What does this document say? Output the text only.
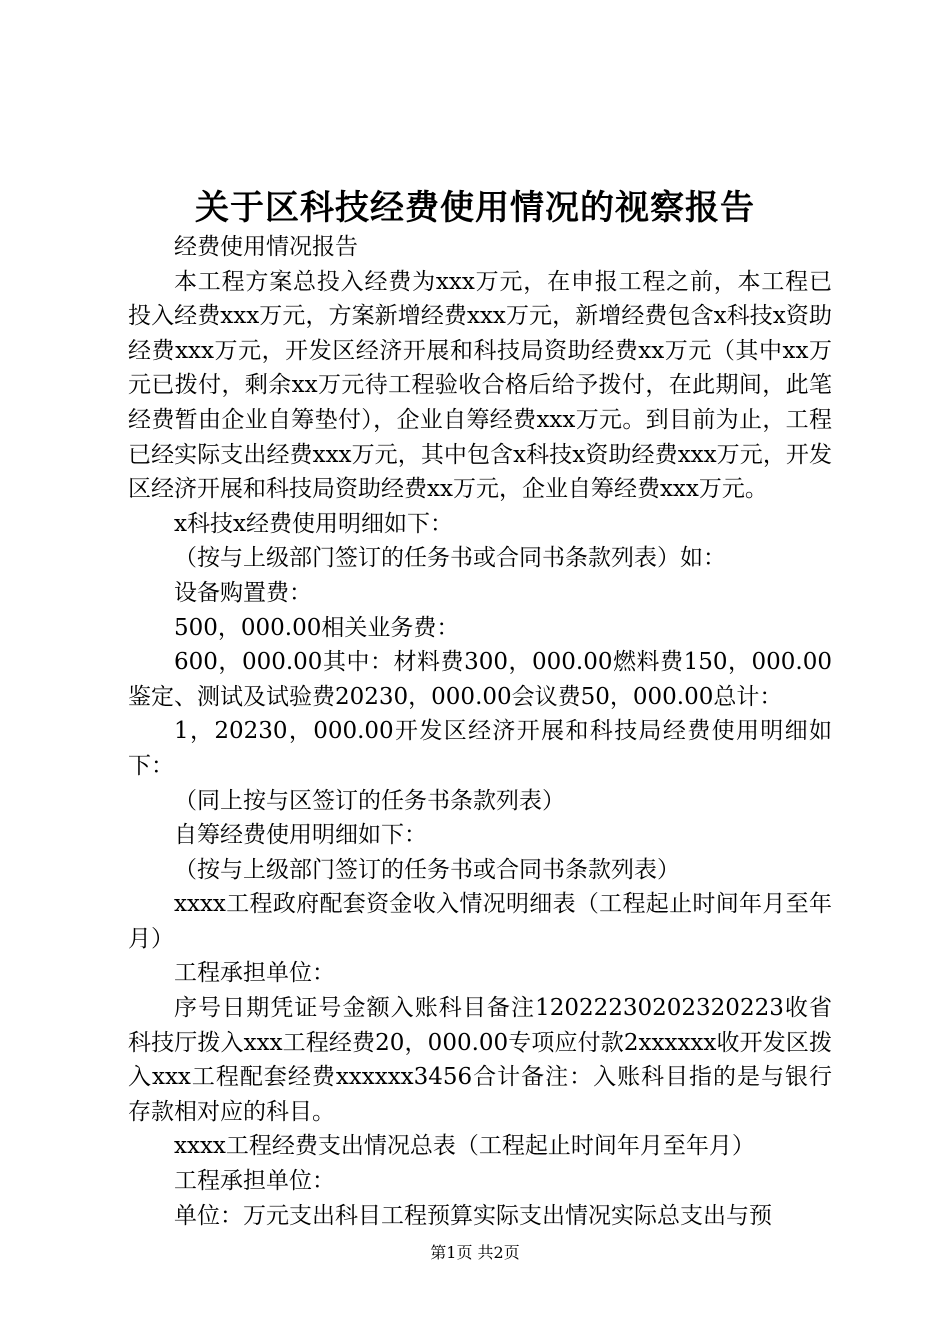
关于区科技经费使用情况的视察报告

经费使用情况报告

本工程方案总投入经费为xxx万元，在申报工程之前，本工程已投入经费xxx万元，方案新增经费xxx万元，新增经费包含x科技x资助经费xxx万元，开发区经济开展和科技局资助经费xx万元（其中xx万元已拨付，剩余xx万元待工程验收合格后给予拨付，在此期间，此笔经费暂由企业自筹垫付），企业自筹经费xxx万元。到目前为止，工程已经实际支出经费xxx万元，其中包含x科技x资助经费xxx万元，开发区经济开展和科技局资助经费xx万元，企业自筹经费xxx万元。

x科技x经费使用明细如下：

（按与上级部门签订的任务书或合同书条款列表）如：

设备购置费：

500，000.00相关业务费：

600，000.00其中：材料费300，000.00燃料费150，000.00鉴定、测试及试验费20230，000.00会议费50，000.00总计：

1，20230，000.00开发区经济开展和科技局经费使用明细如下：

（同上按与区签订的任务书条款列表）

自筹经费使用明细如下：

（按与上级部门签订的任务书或合同书条款列表）

xxxx工程政府配套资金收入情况明细表（工程起止时间年月至年月）

工程承担单位：

序号日期凭证号金额入账科目备注12022230202320223收省科技厅拨入xxx工程经费20，000.00专项应付款2xxxxxx收开发区拨入xxx工程配套经费xxxxxx3456合计备注：入账科目指的是与银行存款相对应的科目。

xxxx工程经费支出情况总表（工程起止时间年月至年月）

工程承担单位：

单位：万元支出科目工程预算实际支出情况实际总支出与预

第1页 共2页
